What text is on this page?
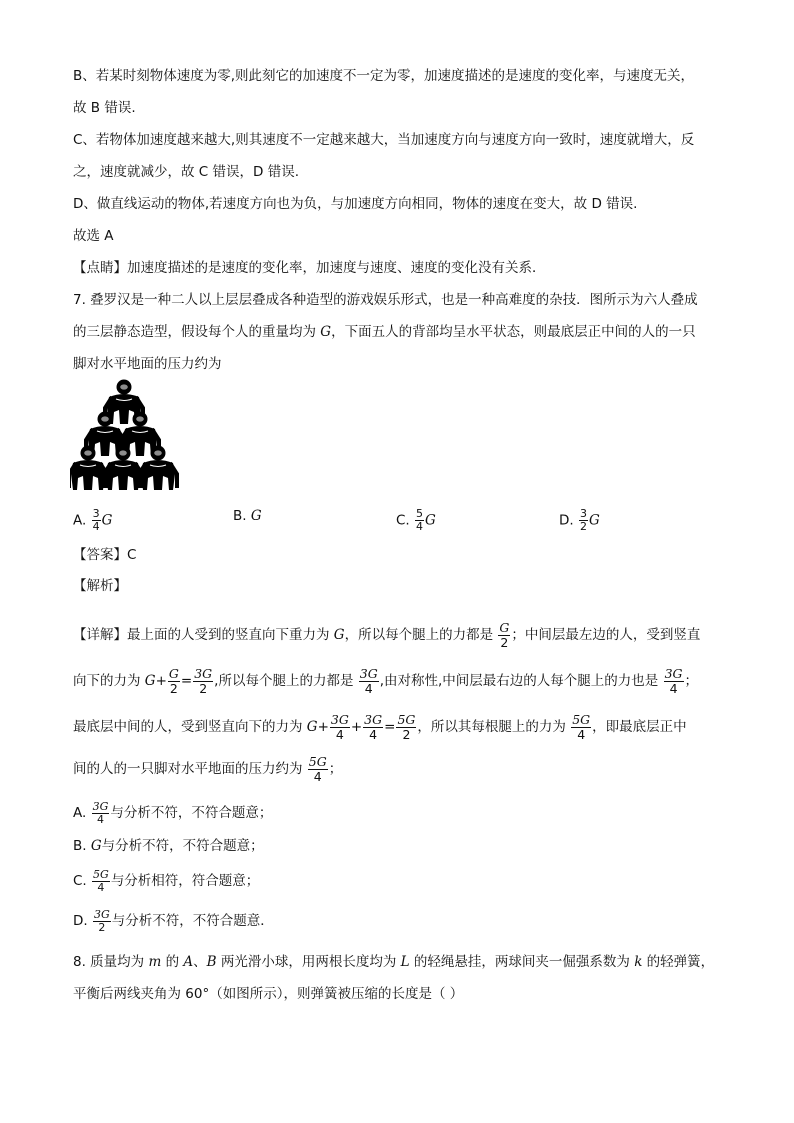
B、若某时刻物体速度为零,则此刻它的加速度不一定为零，加速度描述的是速度的变化率，与速度无关，
故 B 错误.
C、若物体加速度越来越大,则其速度不一定越来越大，当加速度方向与速度方向一致时，速度就增大，反
之，速度就减少，故 C 错误，D 错误.
D、做直线运动的物体,若速度方向也为负，与加速度方向相同，物体的速度在变大，故 D 错误.
故选 A
【点睛】加速度描述的是速度的变化率，加速度与速度、速度的变化没有关系．
7. 叠罗汉是一种二人以上层层叠成各种造型的游戏娱乐形式，也是一种高难度的杂技．图所示为六人叠成
的三层静态造型，假设每个人的重量均为 G，下面五人的背部均呈水平状态，则最底层正中间的人的一只
脚对水平地面的压力约为
A. $\frac{3}{4}$ G	B. G	C. $\frac{5}{4}$ G	D. $\frac{3}{2}$ G
【答案】C
【解析】
【详解】最上面的人受到的竖直向下重力为 G，所以每个腿上的力都是 $\frac{G}{2}$ ；中间层最左边的人，受到竖直
向下的力为 $G+ \frac{G}{2} = \frac{3G}{2}$ ,所以每个腿上的力都是 $\frac{3G}{4}$ ,由对称性,中间层最右边的人每个腿上的力也是 $\frac{3G}{4}$ ；
最底层中间的人，受到竖直向下的力为 $G+ \frac{3G}{4} + \frac{3G}{4} = \frac{5G}{2}$ ，所以其每根腿上的力为 $\frac{5G}{4}$ ，即最底层正中
间的人的一只脚对水平地面的压力约为 $\frac{5G}{4}$ ；
A. $\frac{3G}{4}$ 与分析不符，不符合题意；
B. G与分析不符，不符合题意；
C. $\frac{5G}{4}$ 与分析相符，符合题意；
D. $\frac{3G}{2}$ 与分析不符，不符合题意．
8. 质量均为 m 的 A、B 两光滑小球，用两根长度均为 L 的轻绳悬挂，两球间夹一倔强系数为 k 的轻弹簧，
平衡后两线夹角为 60°（如图所示），则弹簧被压缩的长度是（ ）
